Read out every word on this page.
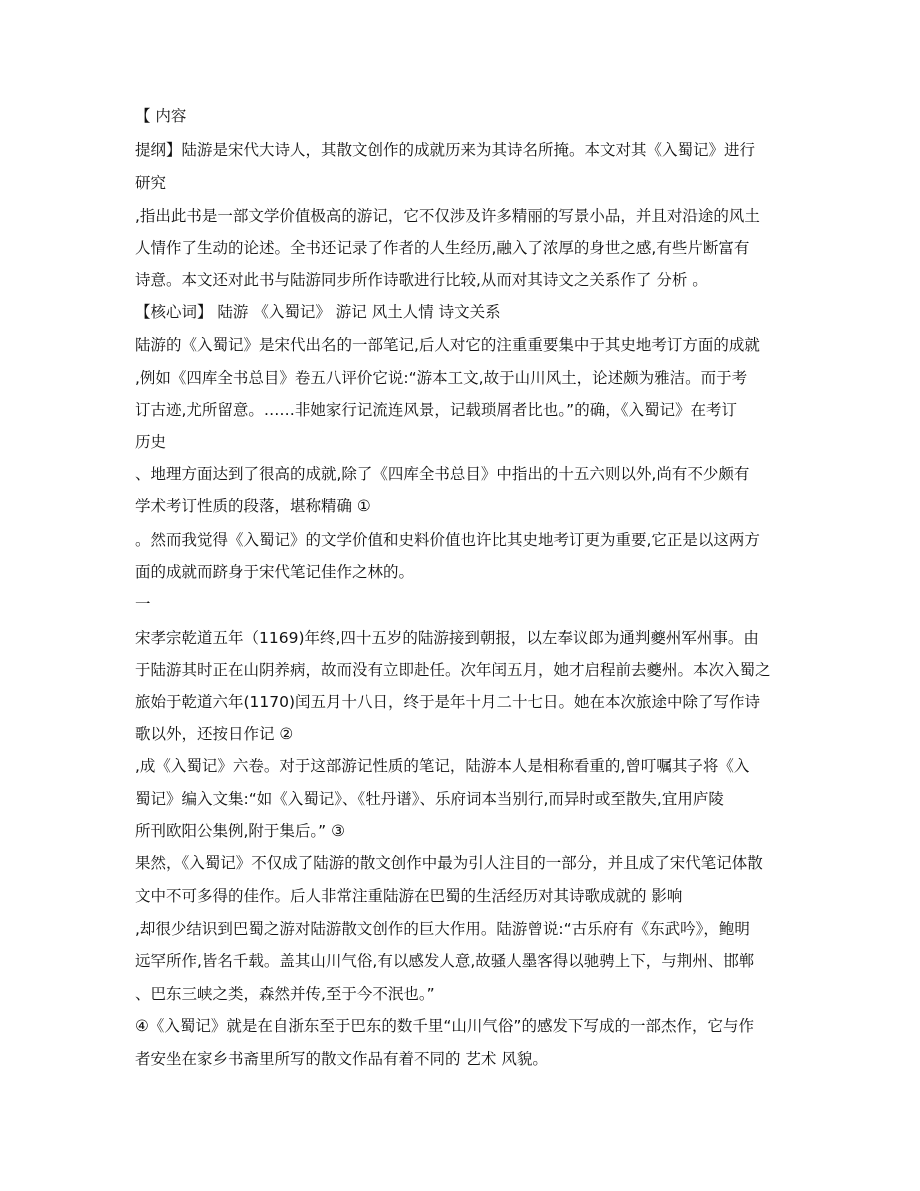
【 内容
提纲】陆游是宋代大诗人，其散文创作的成就历来为其诗名所掩。本文对其《入蜀记》进行
研究
,指出此书是一部文学价值极高的游记，它不仅涉及许多精丽的写景小品，并且对沿途的风土
人情作了生动的论述。全书还记录了作者的人生经历,融入了浓厚的身世之感,有些片断富有
诗意。本文还对此书与陆游同步所作诗歌进行比较,从而对其诗文之关系作了 分析 。
【核心词】 陆游 《入蜀记》 游记 风土人情 诗文关系
陆游的《入蜀记》是宋代出名的一部笔记,后人对它的注重重要集中于其史地考订方面的成就
,例如《四库全书总目》卷五八评价它说:“游本工文,故于山川风土，论述颇为雅洁。而于考
订古迹,尤所留意。……非她家行记流连风景，记载琐屑者比也。”的确，《入蜀记》在考订
历史
、地理方面达到了很高的成就,除了《四库全书总目》中指出的十五六则以外,尚有不少颇有
学术考订性质的段落，堪称精确 ①
。然而我觉得《入蜀记》的文学价值和史料价值也许比其史地考订更为重要,它正是以这两方
面的成就而跻身于宋代笔记佳作之林的。
一
宋孝宗乾道五年（1169)年终,四十五岁的陆游接到朝报，以左奉议郎为通判夔州军州事。由
于陆游其时正在山阴养病，故而没有立即赴任。次年闰五月，她才启程前去夔州。本次入蜀之
旅始于乾道六年(1170)闰五月十八日，终于是年十月二十七日。她在本次旅途中除了写作诗
歌以外，还按日作记 ②
,成《入蜀记》六卷。对于这部游记性质的笔记，陆游本人是相称看重的,曾叮嘱其子将《入
蜀记》编入文集:“如《入蜀记》、《牡丹谱》、乐府词本当别行,而异时或至散失,宜用庐陵
所刊欧阳公集例,附于集后。” ③
果然，《入蜀记》不仅成了陆游的散文创作中最为引人注目的一部分，并且成了宋代笔记体散
文中不可多得的佳作。后人非常注重陆游在巴蜀的生活经历对其诗歌成就的 影响
,却很少结识到巴蜀之游对陆游散文创作的巨大作用。陆游曾说:“古乐府有《东武吟》，鲍明
远罕所作,皆名千载。盖其山川气俗,有以感发人意,故骚人墨客得以驰骋上下，与荆州、邯郸
、巴东三峡之类，森然并传,至于今不泯也。”
④《入蜀记》就是在自浙东至于巴东的数千里“山川气俗”的感发下写成的一部杰作，它与作
者安坐在家乡书斋里所写的散文作品有着不同的 艺术 风貌。
